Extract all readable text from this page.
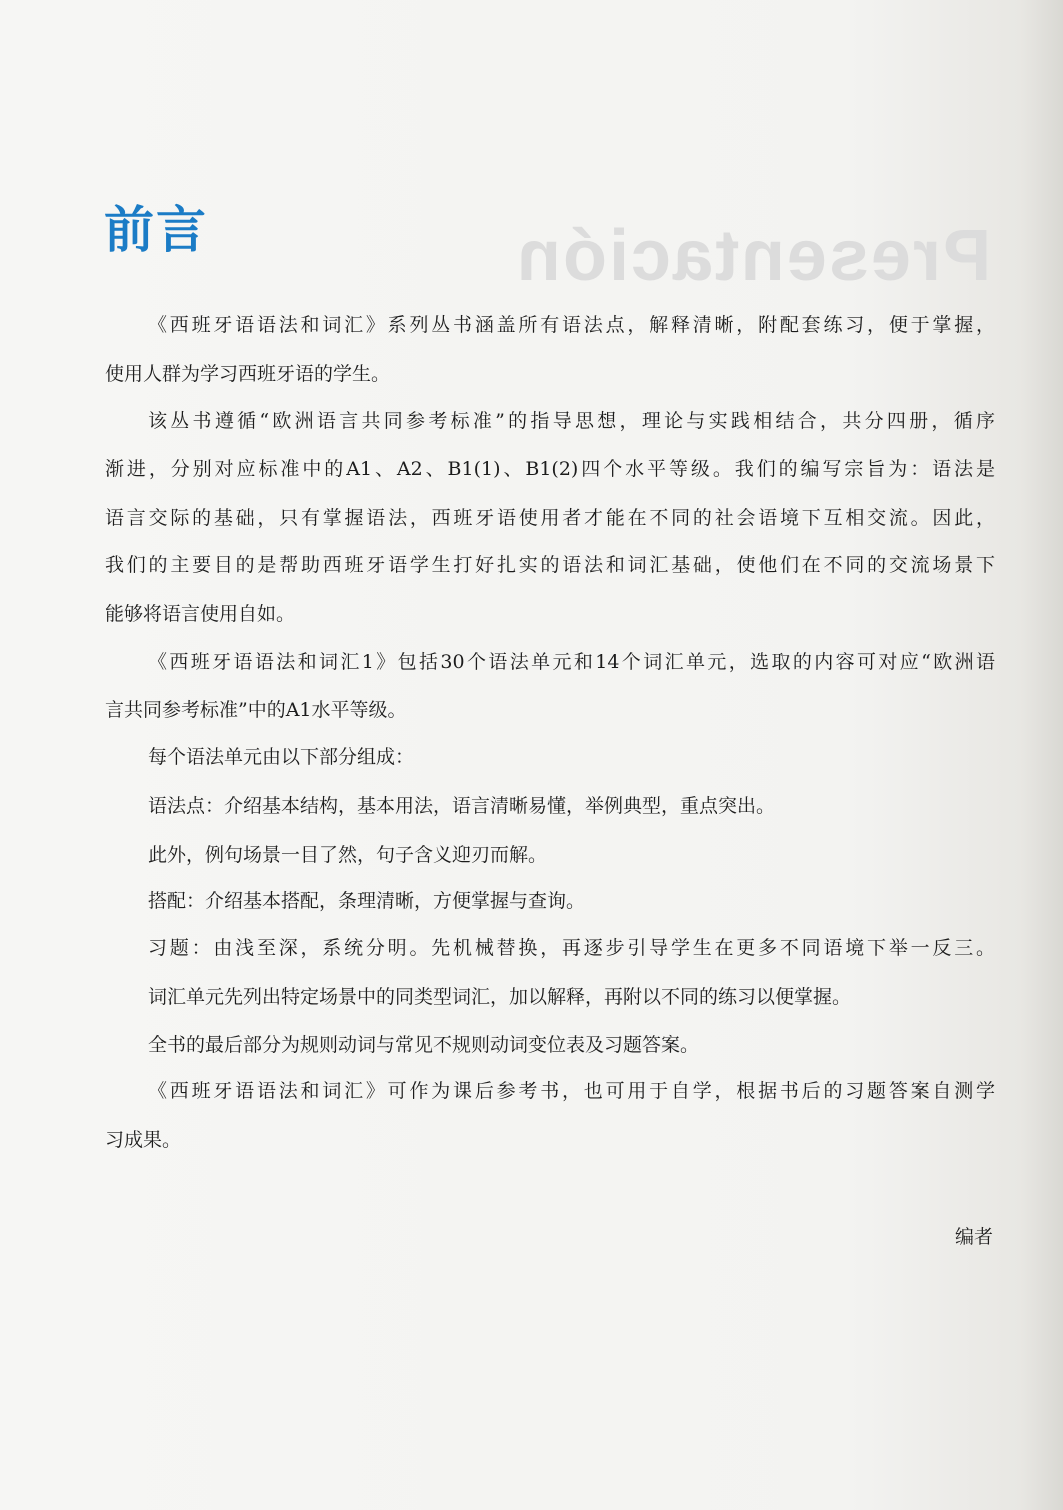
Presentación
前言
《西班牙语语法和词汇》系列丛书涵盖所有语法点，解释清晰，附配套练习，便于掌握，
使用人群为学习西班牙语的学生。
该丛书遵循“欧洲语言共同参考标准”的指导思想，理论与实践相结合，共分四册，循序
渐进，分别对应标准中的A1、A2、B1(1)、B1(2)四个水平等级。我们的编写宗旨为：语法是
语言交际的基础，只有掌握语法，西班牙语使用者才能在不同的社会语境下互相交流。因此，
我们的主要目的是帮助西班牙语学生打好扎实的语法和词汇基础，使他们在不同的交流场景下
能够将语言使用自如。
《西班牙语语法和词汇1》包括30个语法单元和14个词汇单元，选取的内容可对应“欧洲语
言共同参考标准”中的A1水平等级。
每个语法单元由以下部分组成：
语法点：介绍基本结构，基本用法，语言清晰易懂，举例典型，重点突出。
此外，例句场景一目了然，句子含义迎刃而解。
搭配：介绍基本搭配，条理清晰，方便掌握与查询。
习题：由浅至深，系统分明。先机械替换，再逐步引导学生在更多不同语境下举一反三。
词汇单元先列出特定场景中的同类型词汇，加以解释，再附以不同的练习以便掌握。
全书的最后部分为规则动词与常见不规则动词变位表及习题答案。
《西班牙语语法和词汇》可作为课后参考书，也可用于自学，根据书后的习题答案自测学
习成果。
编者
